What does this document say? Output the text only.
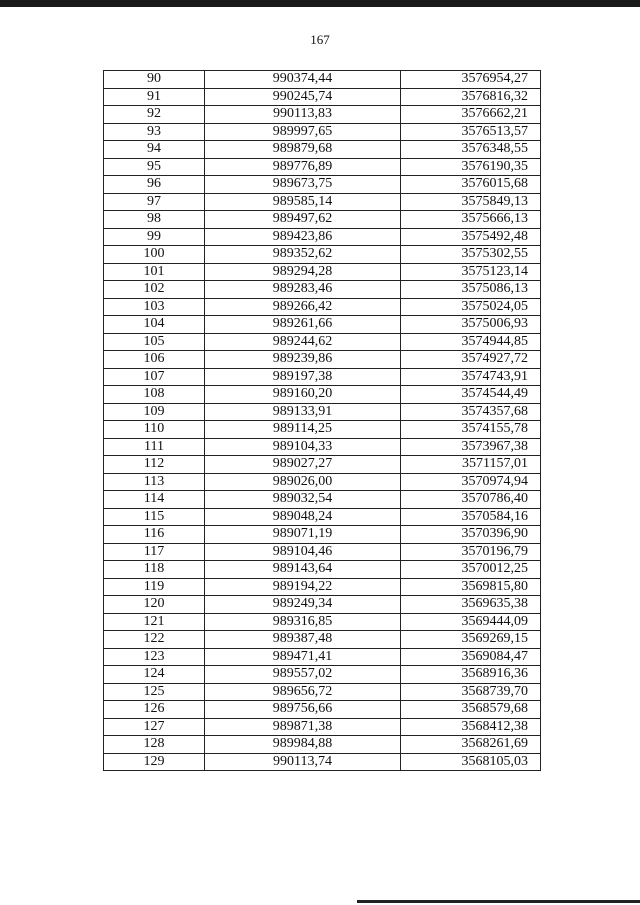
167
90	990374,44	3576954,27
91	990245,74	3576816,32
92	990113,83	3576662,21
93	989997,65	3576513,57
94	989879,68	3576348,55
95	989776,89	3576190,35
96	989673,75	3576015,68
97	989585,14	3575849,13
98	989497,62	3575666,13
99	989423,86	3575492,48
100	989352,62	3575302,55
101	989294,28	3575123,14
102	989283,46	3575086,13
103	989266,42	3575024,05
104	989261,66	3575006,93
105	989244,62	3574944,85
106	989239,86	3574927,72
107	989197,38	3574743,91
108	989160,20	3574544,49
109	989133,91	3574357,68
110	989114,25	3574155,78
111	989104,33	3573967,38
112	989027,27	3571157,01
113	989026,00	3570974,94
114	989032,54	3570786,40
115	989048,24	3570584,16
116	989071,19	3570396,90
117	989104,46	3570196,79
118	989143,64	3570012,25
119	989194,22	3569815,80
120	989249,34	3569635,38
121	989316,85	3569444,09
122	989387,48	3569269,15
123	989471,41	3569084,47
124	989557,02	3568916,36
125	989656,72	3568739,70
126	989756,66	3568579,68
127	989871,38	3568412,38
128	989984,88	3568261,69
129	990113,74	3568105,03
